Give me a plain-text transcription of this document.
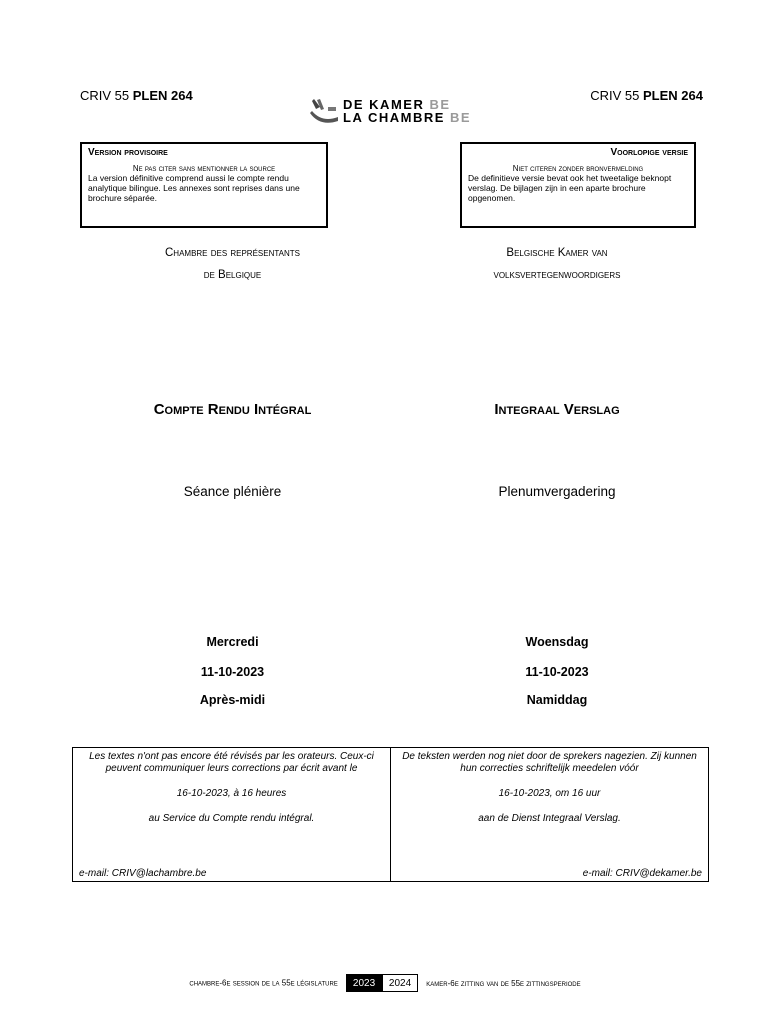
CRIV 55 PLEN 264	CRIV 55 PLEN 264
DE KAMER BE
LA CHAMBRE BE
Version provisoire
Ne pas citer sans mentionner la source
La version définitive comprend aussi le compte rendu analytique bilingue. Les annexes sont reprises dans une brochure séparée.
Voorlopige versie
Niet citeren zonder bronvermelding
De definitieve versie bevat ook het tweetalige beknopt verslag. De bijlagen zijn in een aparte brochure opgenomen.
Chambre des représentants
de Belgique
Belgische Kamer van
volksvertegenwoordigers
Compte Rendu Intégral	Integraal Verslag
Séance plénière	Plenumvergadering
Mercredi
11-10-2023
Après-midi
Woensdag
11-10-2023
Namiddag

Les textes n'ont pas encore été révisés par les orateurs. Ceux-ci peuvent communiquer leurs corrections par écrit avant le

16-10-2023, à 16 heures

au Service du Compte rendu intégral.

e-mail: CRIV@lachambre.be

De teksten werden nog niet door de sprekers nagezien. Zij kunnen hun correcties schriftelijk meedelen vóór

16-10-2023, om 16 uur

aan de Dienst Integraal Verslag.

e-mail: CRIV@dekamer.be
chambre-6e session de la 55e législature 2023 2024 kamer-6e zitting van de 55e zittingsperiode
